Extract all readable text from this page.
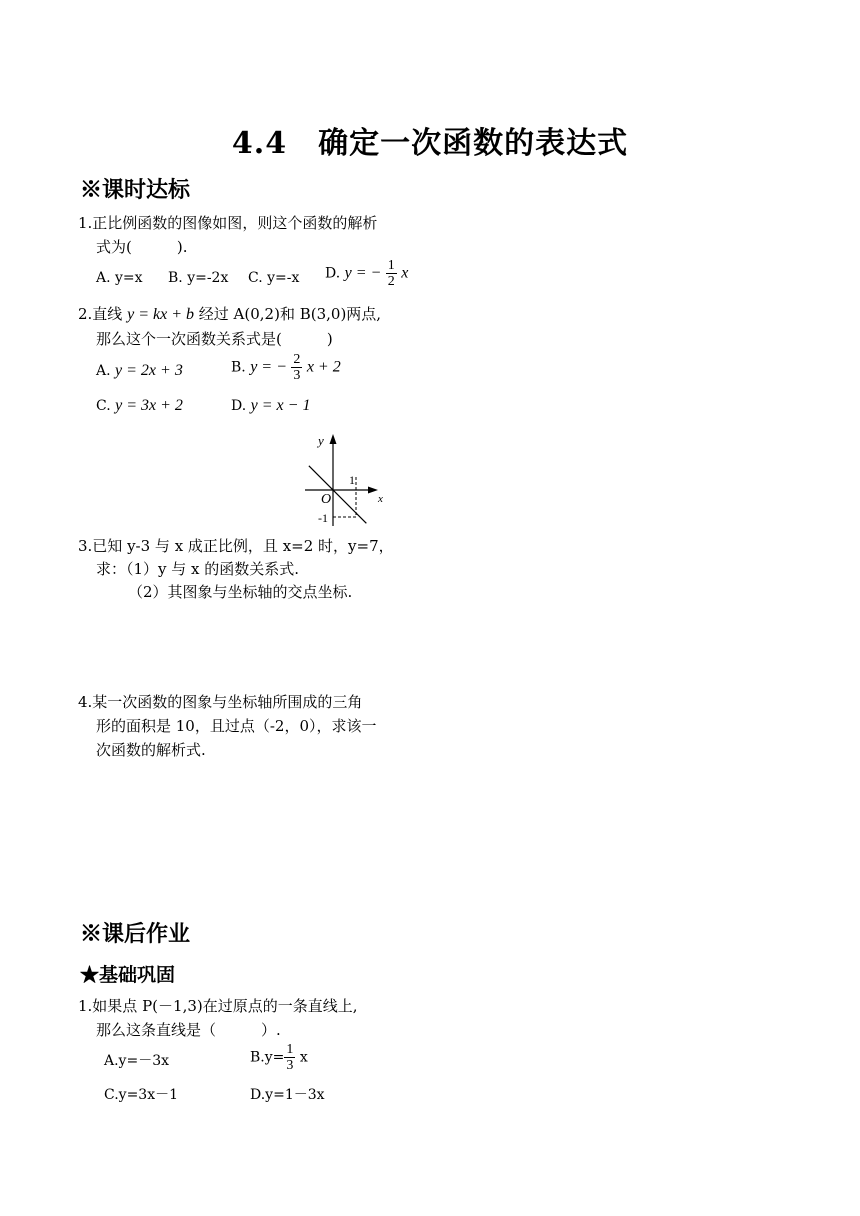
4.4　确定一次函数的表达式
※课时达标
1.正比例函数的图像如图，则这个函数的解析
式为(　　　).
A. y=x B. y=-2x C. y=-x D. y = − $\frac{1}{2}$ x
2.直线 y = kx + b 经过 A(0,2)和 B(3,0)两点,
那么这个一次函数关系式是(　　　)
A. y = 2x + 3	B. y = − $\frac{2}{3}$ x + 2
C. y = 3x + 2	D. y = x − 1
y
x
O
1
-1
3.已知 y-3 与 x 成正比例，且 x=2 时，y=7，
求：（1）y 与 x 的函数关系式.
（2）其图象与坐标轴的交点坐标.
4.某一次函数的图象与坐标轴所围成的三角
形的面积是 10，且过点（-2，0），求该一
次函数的解析式.
※课后作业
★基础巩固
1.如果点 P(－1,3)在过原点的一条直线上,
那么这条直线是（　　　）.
A.y=－3x	$B.y= \frac{1}{3}$ x
C.y=3x－1	D.y=1－3x
